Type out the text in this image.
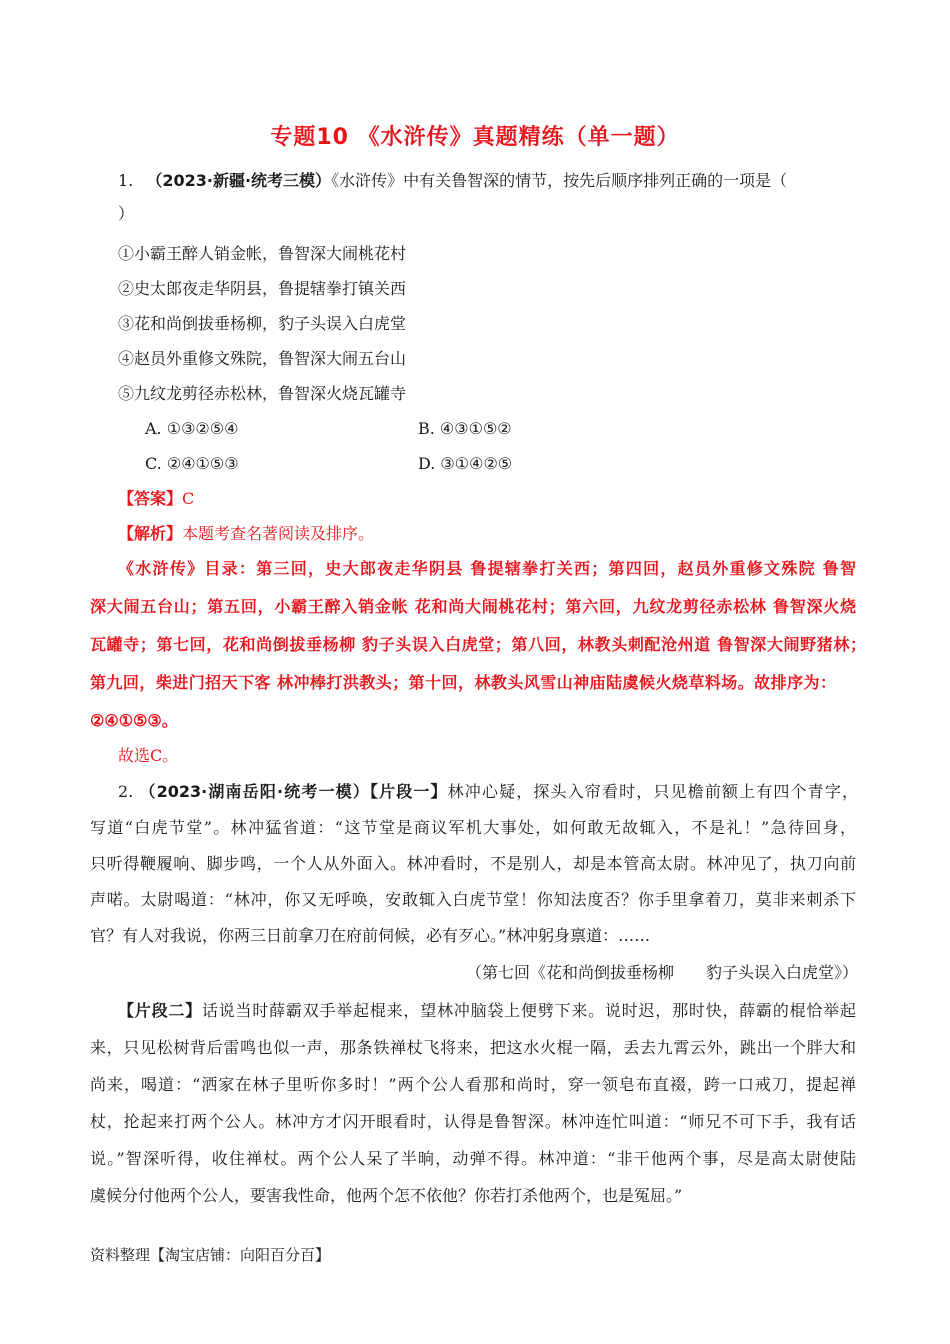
专题10 《水浒传》真题精练（单一题）
1. （2023·新疆·统考三模）《水浒传》中有关鲁智深的情节，按先后顺序排列正确的一项是（
）
①小霸王醉人销金帐，鲁智深大闹桃花村
②史太郎夜走华阴县，鲁提辖拳打镇关西
③花和尚倒拔垂杨柳，豹子头误入白虎堂
④赵员外重修文殊院，鲁智深大闹五台山
⑤九纹龙剪径赤松林，鲁智深火烧瓦罐寺
A. ①③②⑤④	B. ④③①⑤②
C. ②④①⑤③	D. ③①④②⑤
【答案】C
【解析】本题考查名著阅读及排序。
《水浒传》目录：第三回，史大郎夜走华阴县 鲁提辖拳打关西；第四回，赵员外重修文殊院 鲁智
深大闹五台山；第五回，小霸王醉入销金帐 花和尚大闹桃花村；第六回，九纹龙剪径赤松林 鲁智深火烧
瓦罐寺；第七回，花和尚倒拔垂杨柳 豹子头误入白虎堂；第八回，林教头刺配沧州道 鲁智深大闹野猪林；
第九回，柴进门招天下客 林冲棒打洪教头；第十回，林教头风雪山神庙陆虞候火烧草料场。故排序为：
②④①⑤③。
故选C。
2. （2023·湖南岳阳·统考一模）【片段一】林冲心疑，探头入帘看时，只见檐前额上有四个青字，
写道“白虎节堂”。林冲猛省道：“这节堂是商议军机大事处，如何敢无故辄入，不是礼！”急待回身，
只听得鞭履响、脚步鸣，一个人从外面入。林冲看时，不是别人，却是本管高太尉。林冲见了，执刀向前
声喏。太尉喝道：“林冲，你又无呼唤，安敢辄入白虎节堂！你知法度否？你手里拿着刀，莫非来刺杀下
官？有人对我说，你两三日前拿刀在府前伺候，必有歹心。”林冲躬身禀道：……
（第七回《花和尚倒拔垂杨柳　　豹子头误入白虎堂》）
【片段二】话说当时薛霸双手举起棍来，望林冲脑袋上便劈下来。说时迟，那时快，薛霸的棍恰举起
来，只见松树背后雷鸣也似一声，那条铁禅杖飞将来，把这水火棍一隔，丢去九霄云外，跳出一个胖大和
尚来，喝道：“洒家在林子里听你多时！”两个公人看那和尚时，穿一领皂布直裰，跨一口戒刀，提起禅
杖，抡起来打两个公人。林冲方才闪开眼看时，认得是鲁智深。林冲连忙叫道：“师兄不可下手，我有话
说。”智深听得，收住禅杖。两个公人呆了半晌，动弹不得。林冲道：“非干他两个事，尽是高太尉使陆
虞候分付他两个公人，要害我性命，他两个怎不依他？你若打杀他两个，也是冤屈。”
资料整理【淘宝店铺：向阳百分百】
